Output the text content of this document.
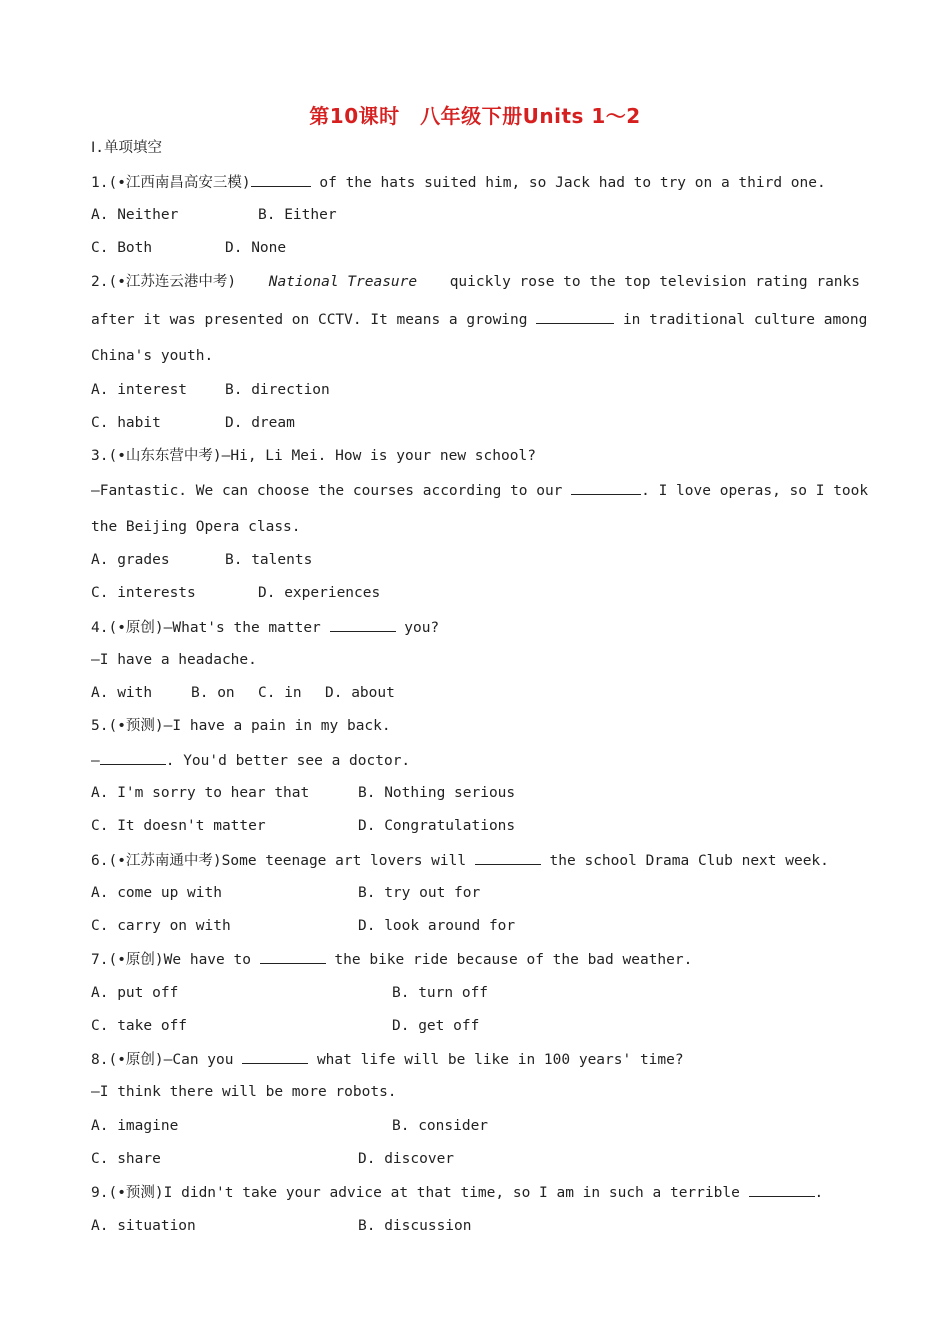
第10课时　八年级下册Units 1～2
Ⅰ.单项填空
1.(•江西南昌高安三模)	of the hats suited him, so Jack had to try on a third one.
A. Neither	B. Either
C. Both	D. None
2.(•江苏连云港中考) National Treasure quickly rose to the top television rating ranks
after it was presented on CCTV. It means a growing	in traditional culture among
China's youth.
A. interest	B. direction
C. habit	D. dream
3.(•山东东营中考)—Hi, Li Mei. How is your new school?
—Fantastic. We can choose the courses according to our	. I love operas, so I took
the Beijing Opera class.
A. grades	B. talents
C. interests	D. experiences
4.(•原创)—What's the matter	you?
—I have a headache.
A. with	B. on C. in D. about
5.(•预测)—I have a pain in my back.
—	. You'd better see a doctor.
A. I'm sorry to hear that	B. Nothing serious
C. It doesn't matter	D. Congratulations
6.(•江苏南通中考)Some teenage art lovers will	the school Drama Club next week.
A. come up with	B. try out for
C. carry on with	D. look around for
7.(•原创)We have to	the bike ride because of the bad weather.
A. put off	B. turn off
C. take off	D. get off
8.(•原创)—Can you	what life will be like in 100 years' time?
—I think there will be more robots.
A. imagine	B. consider
C. share	D. discover
9.(•预测)I didn't take your advice at that time, so I am in such a terrible	.
A. situation	B. discussion
